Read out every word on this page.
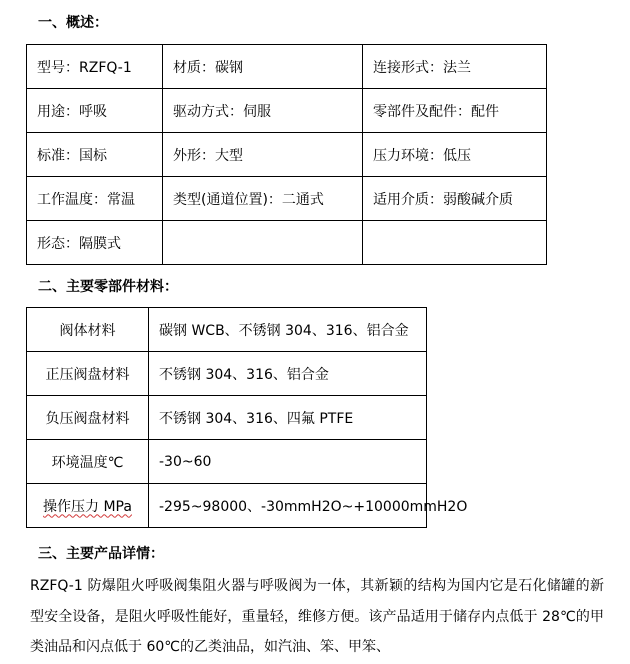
一、概述：
型号：RZFQ-1	材质：碳钢	连接形式：法兰
用途：呼吸	驱动方式：伺服	零部件及配件：配件
标准：国标	外形：大型	压力环境：低压
工作温度：常温	类型(通道位置)：二通式	适用介质：弱酸碱介质
形态：隔膜式		
二、主要零部件材料：
阀体材料	碳钢 WCB、不锈钢 304、316、铝合金
正压阀盘材料	不锈钢 304、316、铝合金
负压阀盘材料	不锈钢 304、316、四氟 PTFE
环境温度℃	-30~60
操作压力 MPa	-295~98000、-30mmH2O~+10000mmH2O
三、主要产品详情：
RZFQ-1 防爆阻火呼吸阀集阻火器与呼吸阀为一体，其新颖的结构为国内它是石化储罐的新型安全设备，是阻火呼吸性能好，重量轻，维修方便。该产品适用于储存内点低于 28℃的甲类油品和闪点低于 60℃的乙类油品，如汽油、笨、甲笨、
